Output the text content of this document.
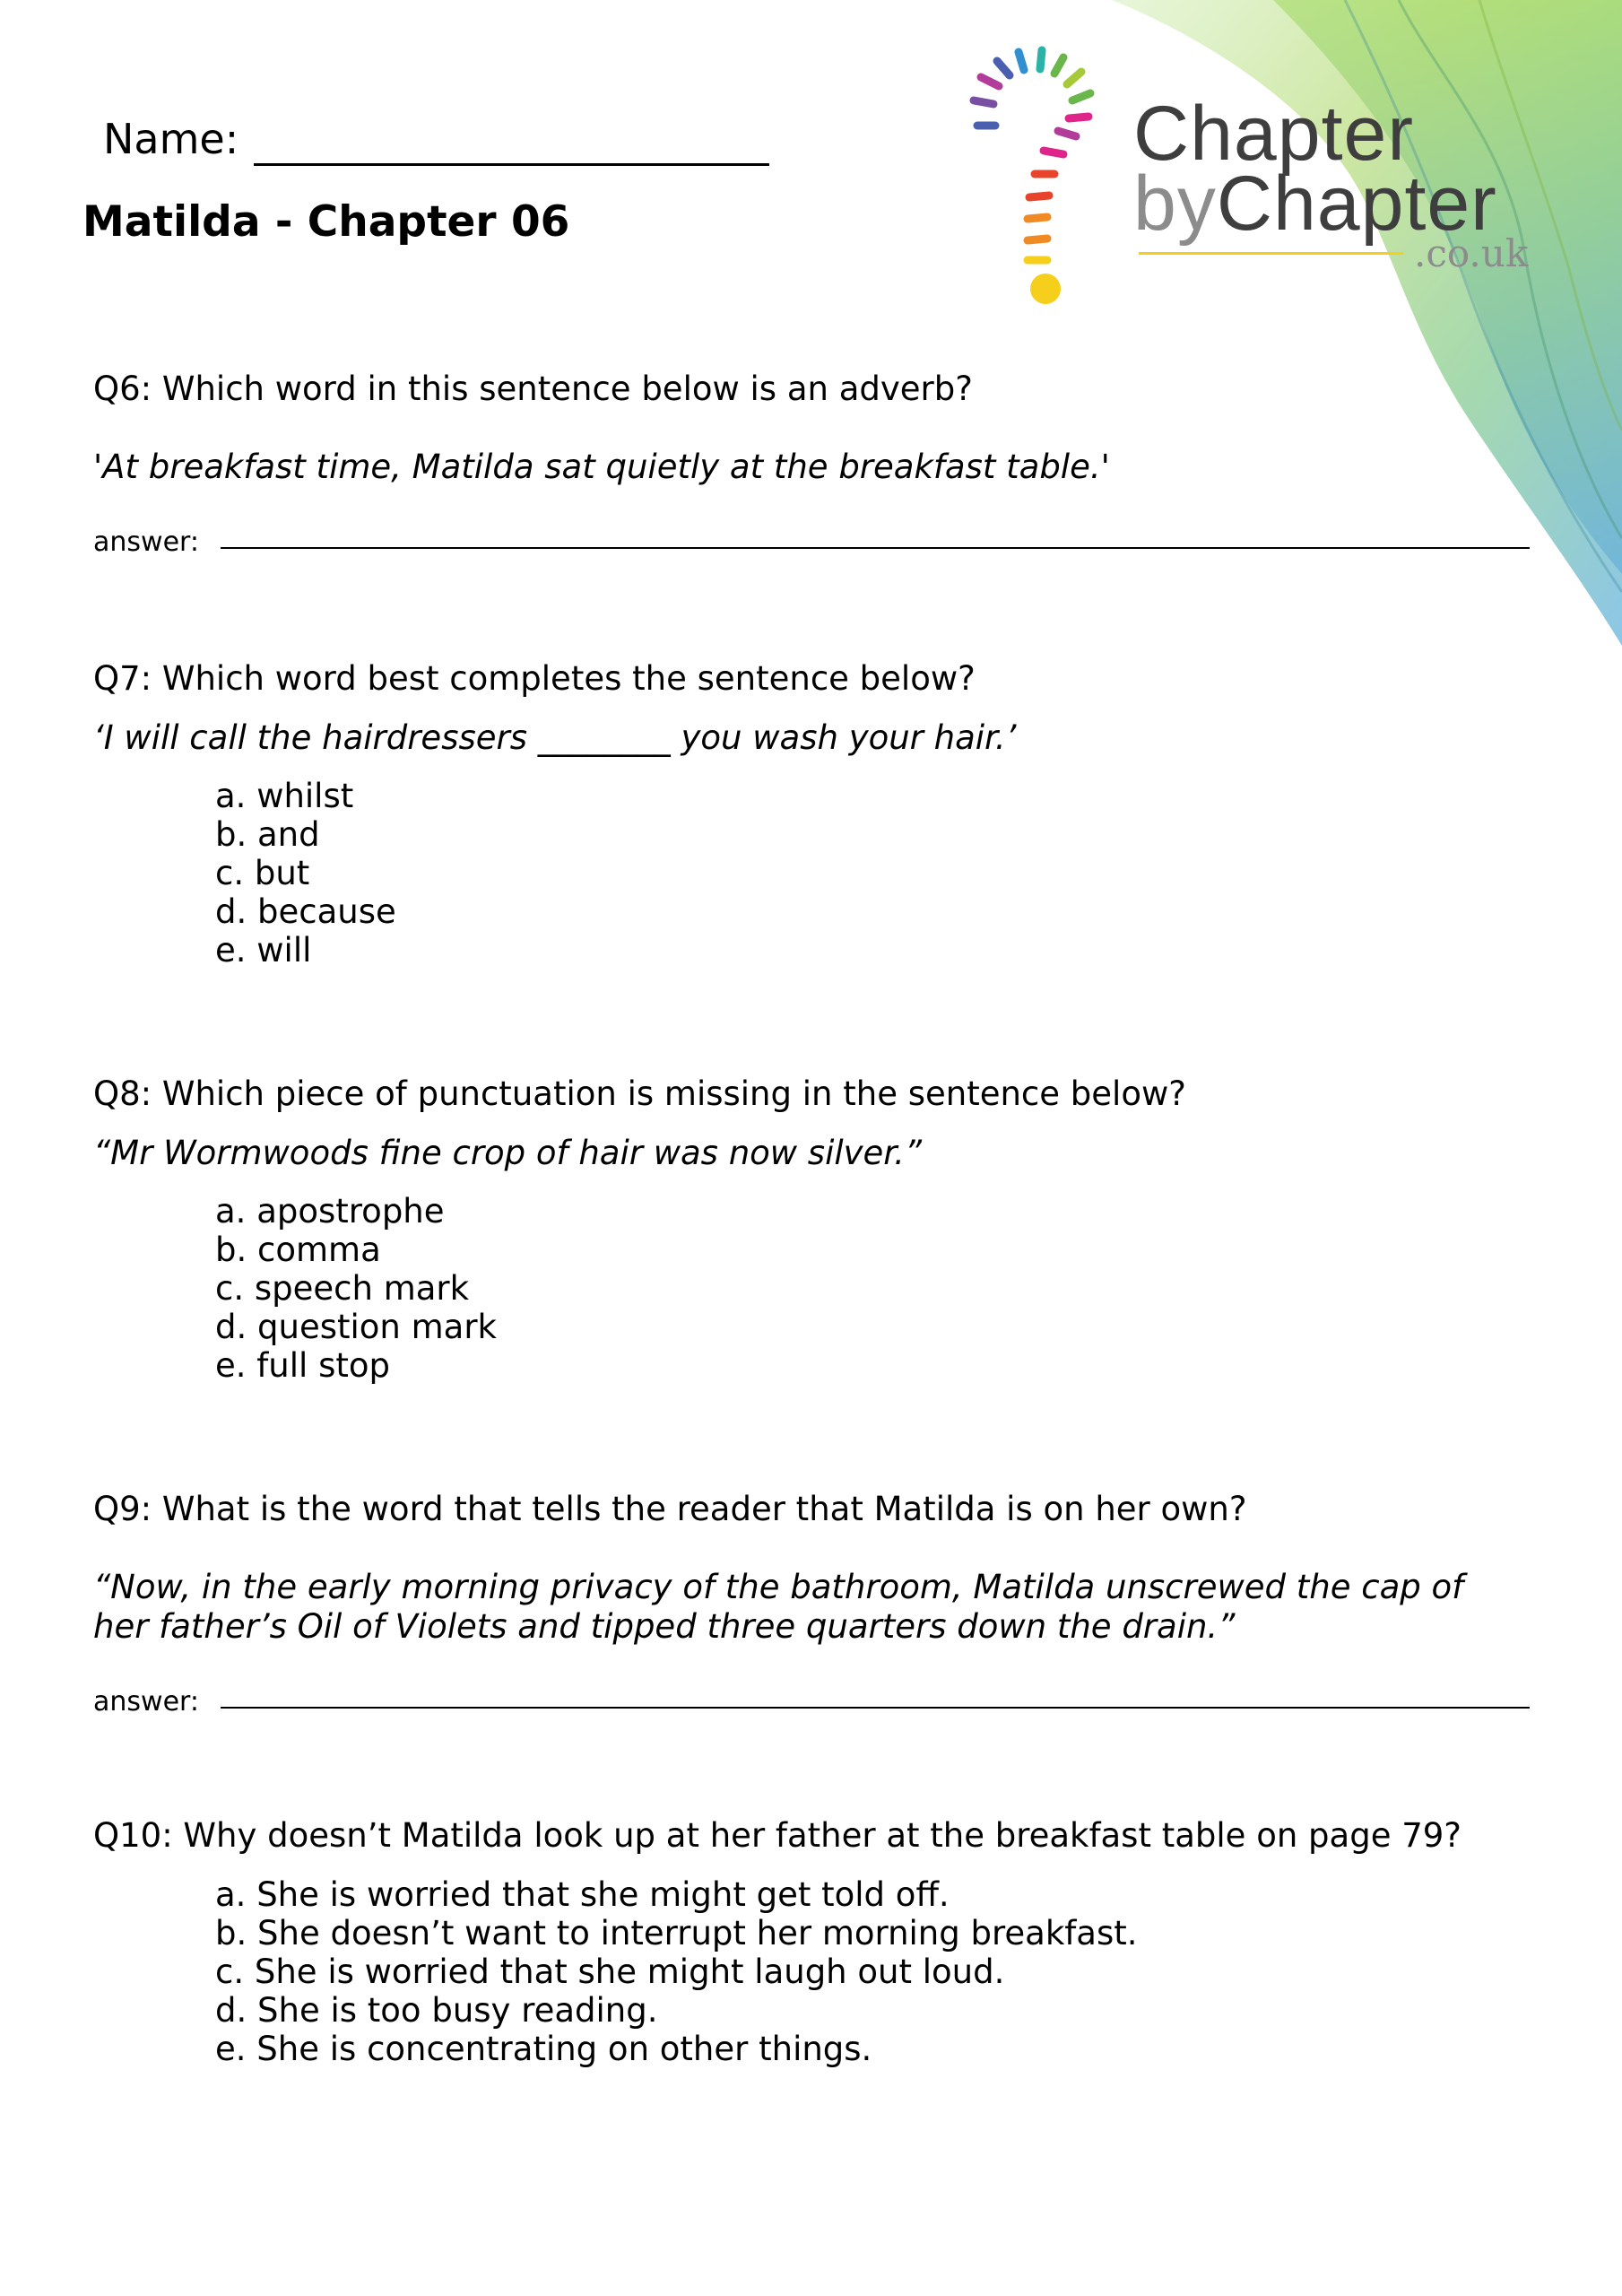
Chapter
byChapter
.co.uk
Name:
Matilda - Chapter 06
Q6: Which word in this sentence below is an adverb?
'At breakfast time, Matilda sat quietly at the breakfast table.'
answer:
Q7: Which word best completes the sentence below?
‘I will call the hairdressers ________ you wash your hair.’
a. whilst
b. and
c. but
d. because
e. will
Q8: Which piece of punctuation is missing in the sentence below?
“Mr Wormwoods fine crop of hair was now silver.”
a. apostrophe
b. comma
c. speech mark
d. question mark
e. full stop
Q9: What is the word that tells the reader that Matilda is on her own?
“Now, in the early morning privacy of the bathroom, Matilda unscrewed the cap of her father’s Oil of Violets and tipped three quarters down the drain.”
answer:
Q10: Why doesn’t Matilda look up at her father at the breakfast table on page 79?
a. She is worried that she might get told off.
b. She doesn’t want to interrupt her morning breakfast.
c. She is worried that she might laugh out loud.
d. She is too busy reading.
e. She is concentrating on other things.
